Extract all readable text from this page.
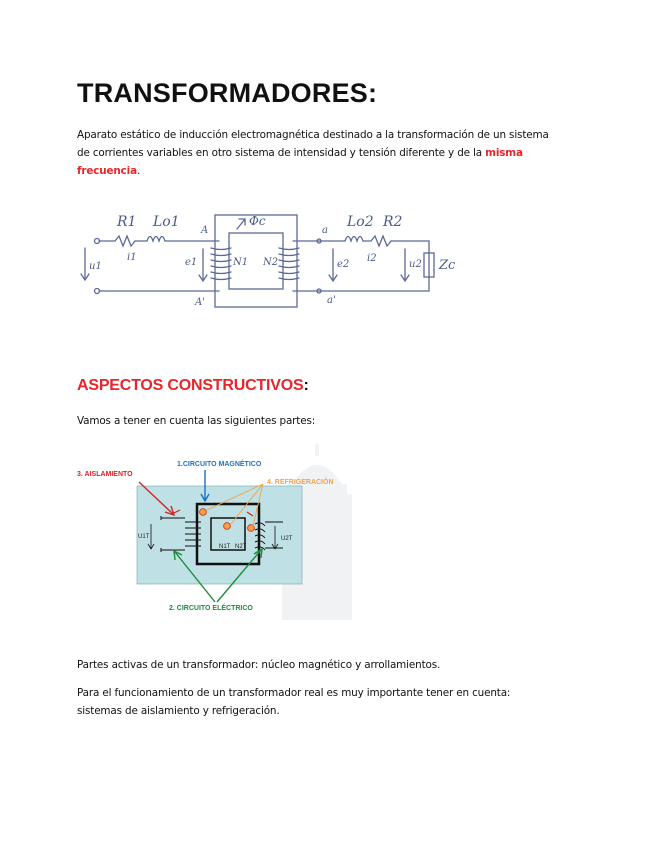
TRANSFORMADORES:

Aparato estático de inducción electromagnética destinado a la transformación de un sistema de corrientes variables en otro sistema de intensidad y tensión diferente y de la misma frecuencia.

R1 Lo1
A
Φc	Lo2 R2
a
u1
i1	e1	N1 N2	e2
i2
u2 Zc
A'	a'
ASPECTOS CONSTRUCTIVOS:

Vamos a tener en cuenta las siguientes partes:

U1T	U2T
N1T N2T
1.CIRCUITO MAGNÉTICO
3. AISLAMIENTO
4. REFRIGERACIÓN
2. CIRCUITO ELÉCTRICO

Partes activas de un transformador: núcleo magnético y arrollamientos.

Para el funcionamiento de un transformador real es muy importante tener en cuenta: sistemas de aislamiento y refrigeración.
